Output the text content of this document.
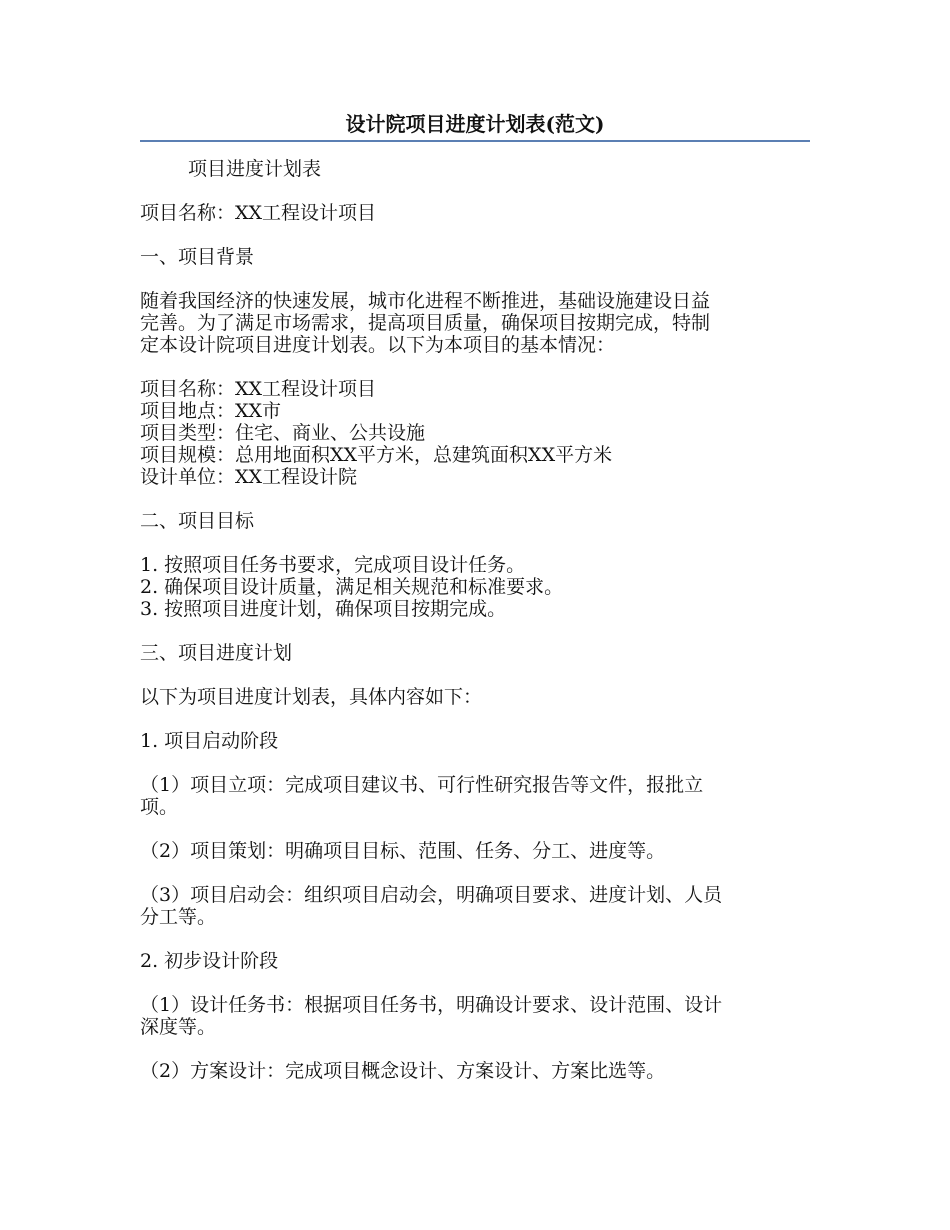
设计院项目进度计划表(范文)
项目进度计划表
项目名称：XX工程设计项目
一、项目背景
随着我国经济的快速发展，城市化进程不断推进，基础设施建设日益
完善。为了满足市场需求，提高项目质量，确保项目按期完成，特制
定本设计院项目进度计划表。以下为本项目的基本情况：
项目名称：XX工程设计项目
项目地点：XX市
项目类型：住宅、商业、公共设施
项目规模：总用地面积XX平方米，总建筑面积XX平方米
设计单位：XX工程设计院
二、项目目标
1. 按照项目任务书要求，完成项目设计任务。
2. 确保项目设计质量，满足相关规范和标准要求。
3. 按照项目进度计划，确保项目按期完成。
三、项目进度计划
以下为项目进度计划表，具体内容如下：
1. 项目启动阶段
（1）项目立项：完成项目建议书、可行性研究报告等文件，报批立
项。
（2）项目策划：明确项目目标、范围、任务、分工、进度等。
（3）项目启动会：组织项目启动会，明确项目要求、进度计划、人员
分工等。
2. 初步设计阶段
（1）设计任务书：根据项目任务书，明确设计要求、设计范围、设计
深度等。
（2）方案设计：完成项目概念设计、方案设计、方案比选等。
